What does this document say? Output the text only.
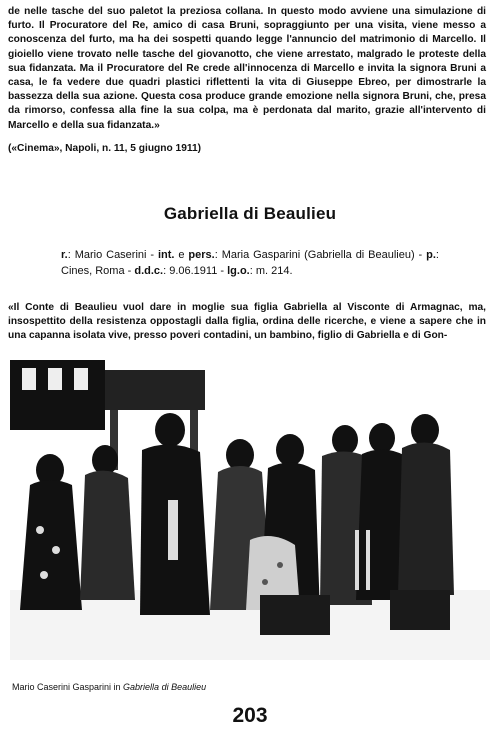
de nelle tasche del suo paletot la preziosa collana. In questo modo avviene una simulazione di furto. Il Procuratore del Re, amico di casa Bruni, sopraggiunto per una visita, viene messo a conoscenza del furto, ma ha dei sospetti quando legge l'annuncio del matrimonio di Marcello. Il gioiello viene trovato nelle tasche del giovanotto, che viene arrestato, malgrado le proteste della sua fidanzata. Ma il Procuratore del Re crede all'innocenza di Marcello e invita la signora Bruni a casa, le fa vedere due quadri plastici riflettenti la vita di Giuseppe Ebreo, per dimostrarle la bassezza della sua azione. Questa cosa produce grande emozione nella signora Bruni, che, presa da rimorso, confessa alla fine la sua colpa, ma è perdonata dal marito, grazie all'intervento di Marcello e della sua fidanzata.»

(«Cinema», Napoli, n. 11, 5 giugno 1911)

Gabriella di Beaulieu

r.: Mario Caserini - int. e pers.: Maria Gasparini (Gabriella di Beaulieu) - p.: Cines, Roma - d.d.c.: 9.06.1911 - lg.o.: m. 214.

«Il Conte di Beaulieu vuol dare in moglie sua figlia Gabriella al Visconte di Armagnac, ma, insospettito della resistenza oppostagli dalla figlia, ordina delle ricerche, e viene a sapere che in una capanna isolata vive, presso poveri contadini, un bambino, figlio di Gabriella e di Gon-

Mario Caserini Gasparini in Gabriella di Beaulieu

203
